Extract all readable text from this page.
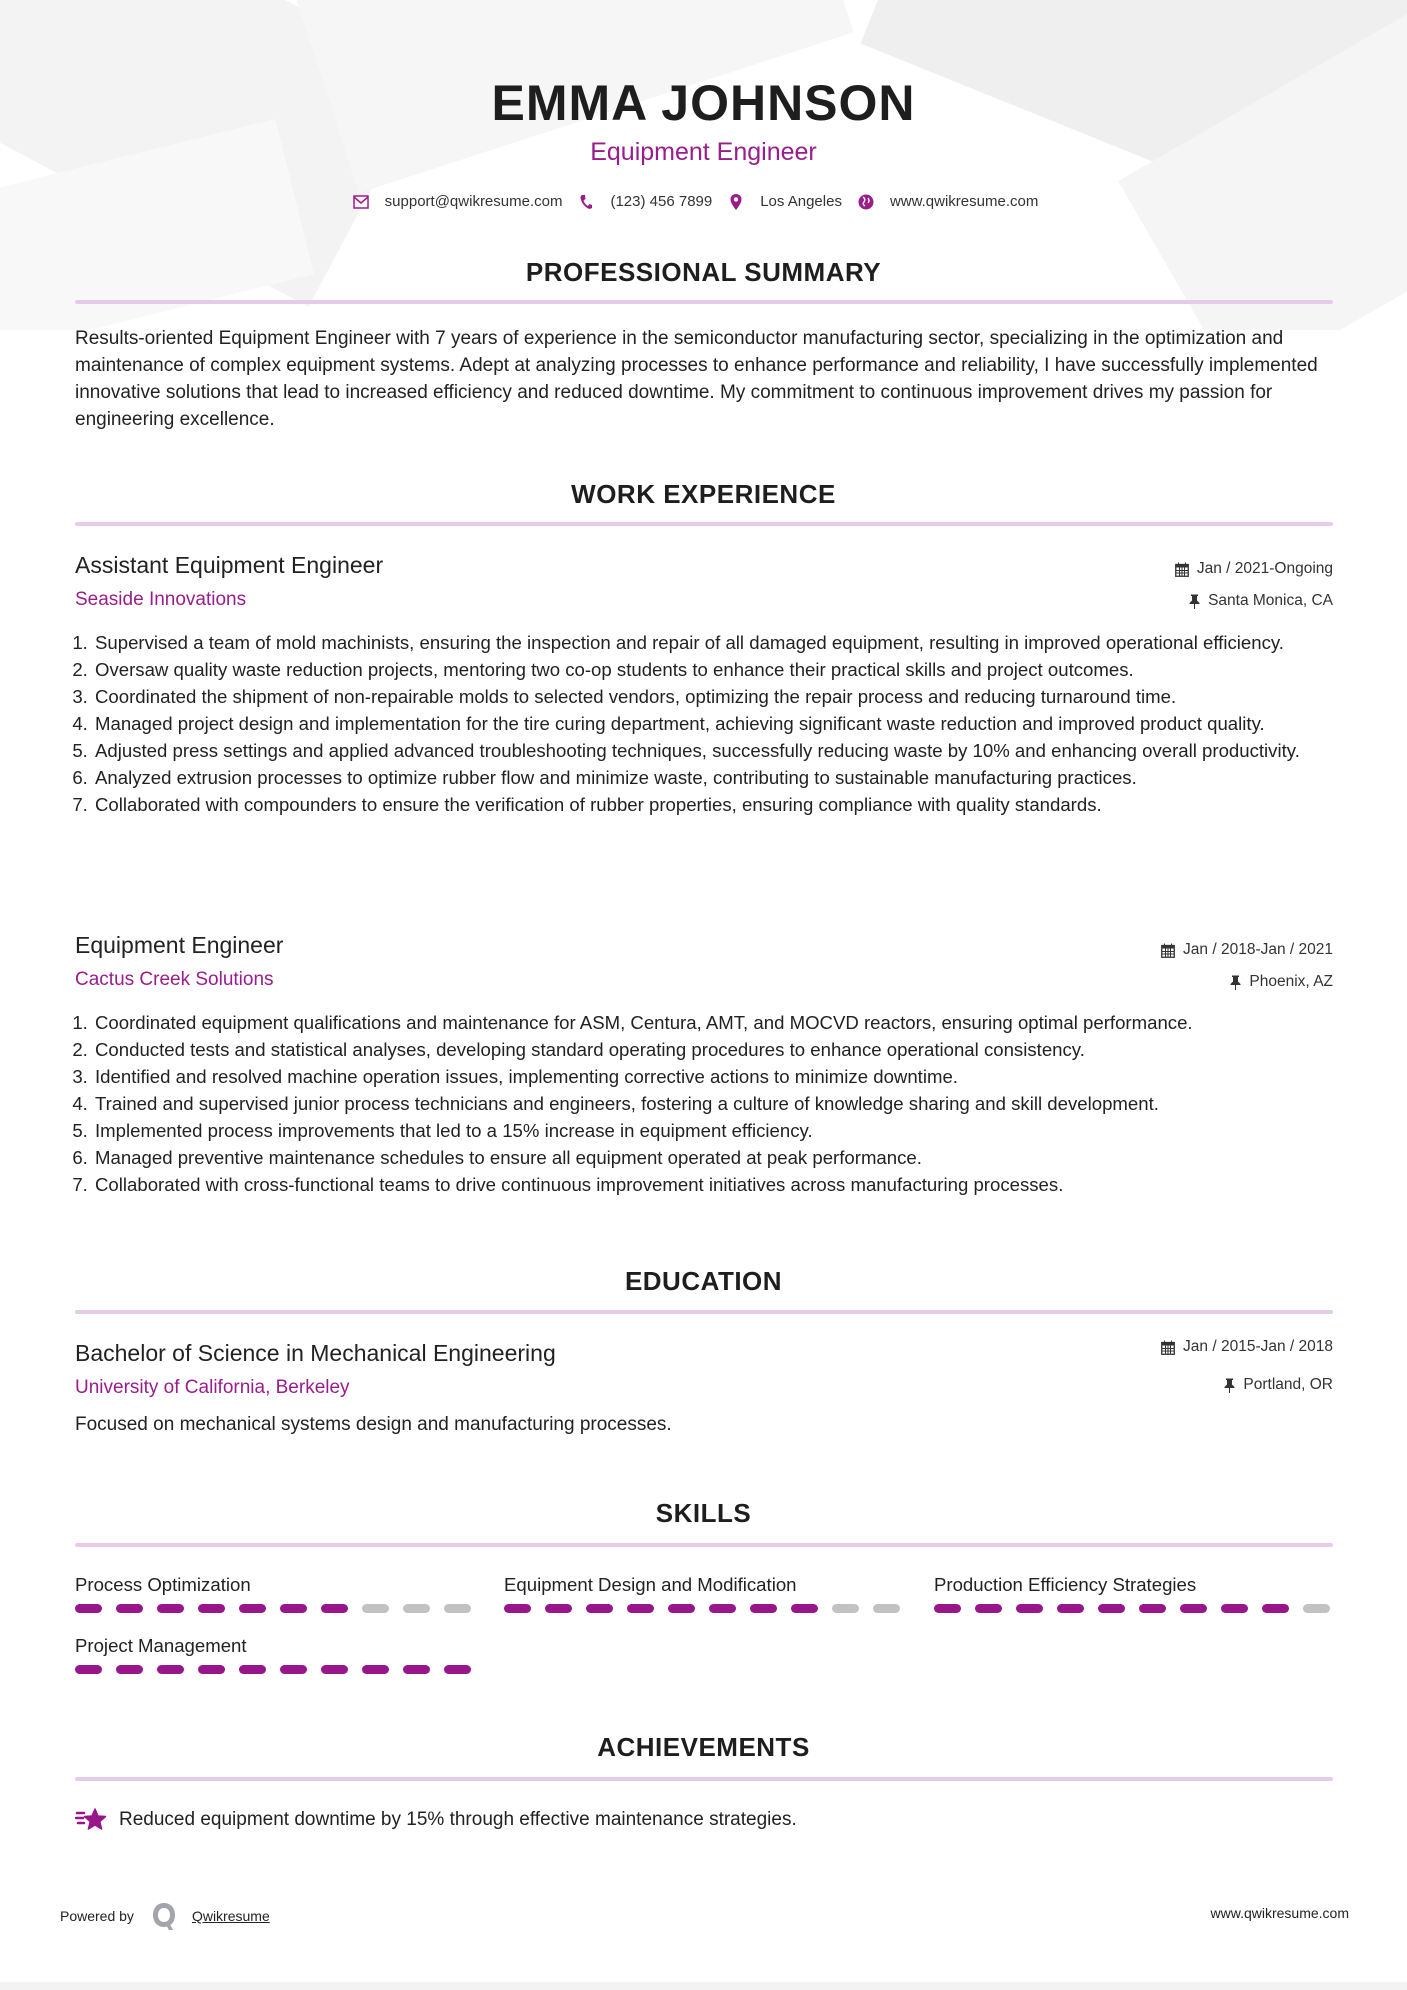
EMMA JOHNSON
Equipment Engineer
support@qwikresume.com	(123) 456 7899	Los Angeles	www.qwikresume.com
PROFESSIONAL SUMMARY
Results-oriented Equipment Engineer with 7 years of experience in the semiconductor manufacturing sector, specializing in the optimization and maintenance of complex equipment systems. Adept at analyzing processes to enhance performance and reliability, I have successfully implemented innovative solutions that lead to increased efficiency and reduced downtime. My commitment to continuous improvement drives my passion for engineering excellence.
WORK EXPERIENCE
Assistant Equipment Engineer
Seaside Innovations
Jan / 2021-Ongoing
Santa Monica, CA
1. Supervised a team of mold machinists, ensuring the inspection and repair of all damaged equipment, resulting in improved operational efficiency.
2. Oversaw quality waste reduction projects, mentoring two co-op students to enhance their practical skills and project outcomes.
3. Coordinated the shipment of non-repairable molds to selected vendors, optimizing the repair process and reducing turnaround time.
4. Managed project design and implementation for the tire curing department, achieving significant waste reduction and improved product quality.
5. Adjusted press settings and applied advanced troubleshooting techniques, successfully reducing waste by 10% and enhancing overall productivity.
6. Analyzed extrusion processes to optimize rubber flow and minimize waste, contributing to sustainable manufacturing practices.
7. Collaborated with compounders to ensure the verification of rubber properties, ensuring compliance with quality standards.
Equipment Engineer
Cactus Creek Solutions
Jan / 2018-Jan / 2021
Phoenix, AZ
1. Coordinated equipment qualifications and maintenance for ASM, Centura, AMT, and MOCVD reactors, ensuring optimal performance.
2. Conducted tests and statistical analyses, developing standard operating procedures to enhance operational consistency.
3. Identified and resolved machine operation issues, implementing corrective actions to minimize downtime.
4. Trained and supervised junior process technicians and engineers, fostering a culture of knowledge sharing and skill development.
5. Implemented process improvements that led to a 15% increase in equipment efficiency.
6. Managed preventive maintenance schedules to ensure all equipment operated at peak performance.
7. Collaborated with cross-functional teams to drive continuous improvement initiatives across manufacturing processes.
EDUCATION
Bachelor of Science in Mechanical Engineering
University of California, Berkeley
Jan / 2015-Jan / 2018
Portland, OR
Focused on mechanical systems design and manufacturing processes.
SKILLS
Process Optimization	Equipment Design and Modification	Production Efficiency Strategies
Project Management
ACHIEVEMENTS
Reduced equipment downtime by 15% through effective maintenance strategies.
Powered by	Qwikresume	www.qwikresume.com
